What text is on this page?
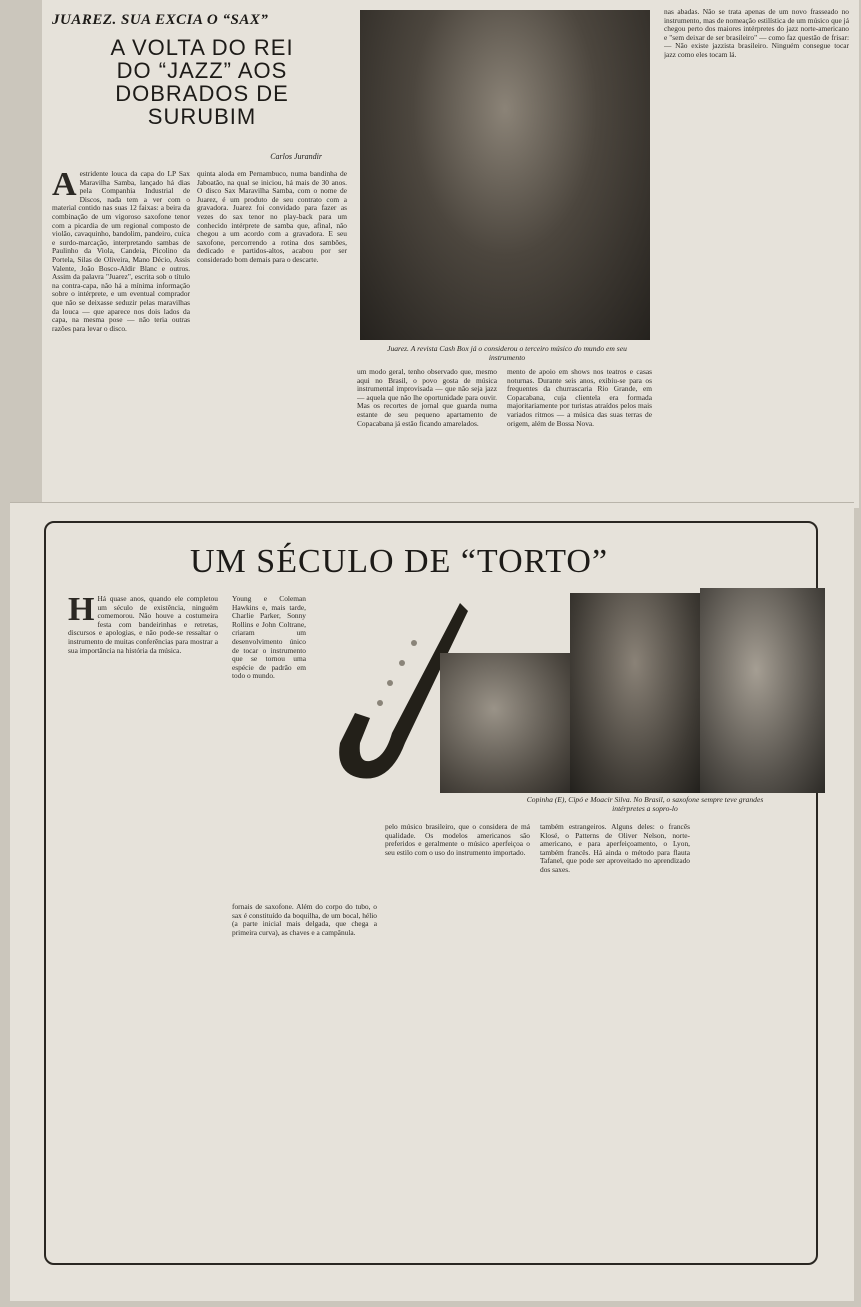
JUAREZ. SUA EXCIA O “SAX”
A VOLTA DO REI DO “JAZZ” AOS DOBRADOS DE SURUBIM
Carlos Jurandir
Aestridente louca da capa do LP Sax Maravilha Samba, lançado há dias pela Companhia Industrial de Discos, nada tem a ver com o material contido nas suas 12 faixas: a beira da combinação de um vigoroso saxofone tenor com a picardia de um regional composto de violão, cavaquinho, bandolim, pandeiro, cuíca e surdo-marcação, interpretando sambas de Paulinho da Viola, Candeia, Picolino da Portela, Silas de Oliveira, Mano Décio, Assis Valente, João Bosco-Aldir Blanc e outros. Assim da palavra "Juarez", escrita sob o título na contra-capa, não há a mínima informação sobre o intérprete, e um eventual comprador que não se deixasse seduzir pelas maravilhas da louca — que aparece nos dois lados da capa, na mesma pose — não teria outras razões para levar o disco.
quinta aloda em Pernambuco, numa bandinha de Jaboatão, na qual se iniciou, há mais de 30 anos. O disco Sax Maravilha Samba, com o nome de Juarez, é um produto de seu contrato com a gravadora. Juarez foi convidado para fazer as vezes do sax tenor no play-back para um conhecido intérprete de samba que, afinal, não chegou a um acordo com a gravadora. E seu saxofone, percorrendo a rotina dos sambões, dedicado e partidos-altos, acabou por ser considerado bom demais para o descarte.
Juarez. A revista Cash Box já o considerou o terceiro músico do mundo em seu instrumento
um modo geral, tenho observado que, mesmo aqui no Brasil, o povo gosta de música instrumental improvisada — que não seja jazz — aquela que não lhe oportunidade para ouvir. Mas os recortes de jornal que guarda numa estante de seu pequeno apartamento de Copacabana já estão ficando amarelados.
mento de apoio em shows nos teatros e casas noturnas. Durante seis anos, exibiu-se para os frequentes da churrascaria Rio Grande, em Copacabana, cuja clientela era formada majoritariamente por turistas atraídos pelos mais variados ritmos — a música das suas terras de origem, além de Bossa Nova.
nas abadas. Não se trata apenas de um novo frasseado no instrumento, mas de nomeação estilística de um músico que já chegou perto dos maiores intérpretes do jazz norte-americano e "sem deixar de ser brasileiro" — como faz questão de frisar: — Não existe jazzista brasileiro. Ninguém consegue tocar jazz como eles tocam lá.
UM SÉCULO DE “TORTO”
H Há quase anos, quando ele completou um século de existência, ninguém comemorou. Não houve a costumeira festa com bandeirinhas e retretas, discursos e apologias, e não pode-se ressaltar o instrumento de muitas conferências para mostrar a sua importância na história da música.
Young e Coleman Hawkins e, mais tarde, Charlie Parker, Sonny Rollins e John Coltrane, criaram um desenvolvimento único de tocar o instrumento que se tornou uma espécie de padrão em todo o mundo.
Copinha (E), Cipó e Moacir Silva. No Brasil, o saxofone sempre teve grandes intérpretes a sopro-lo
fornais de saxofone. Além do corpo do tubo, o sax é constituído da boquilha, de um bocal, hélio (a parte inicial mais delgada, que chega a primeira curva), as chaves e a campânula.
pelo músico brasileiro, que o considera de má qualidade. Os modelos americanos são preferidos e geralmente o músico aperfeiçoa o seu estilo com o uso do instrumento importado.
também estrangeiros. Alguns deles: o francês Klosé, o Patterns de Oliver Nelson, norte-americano, e para aperfeiçoamento, o Lyon, também francês. Há ainda o método para flauta Tafanel, que pode ser aproveitado no aprendizado dos saxes.
